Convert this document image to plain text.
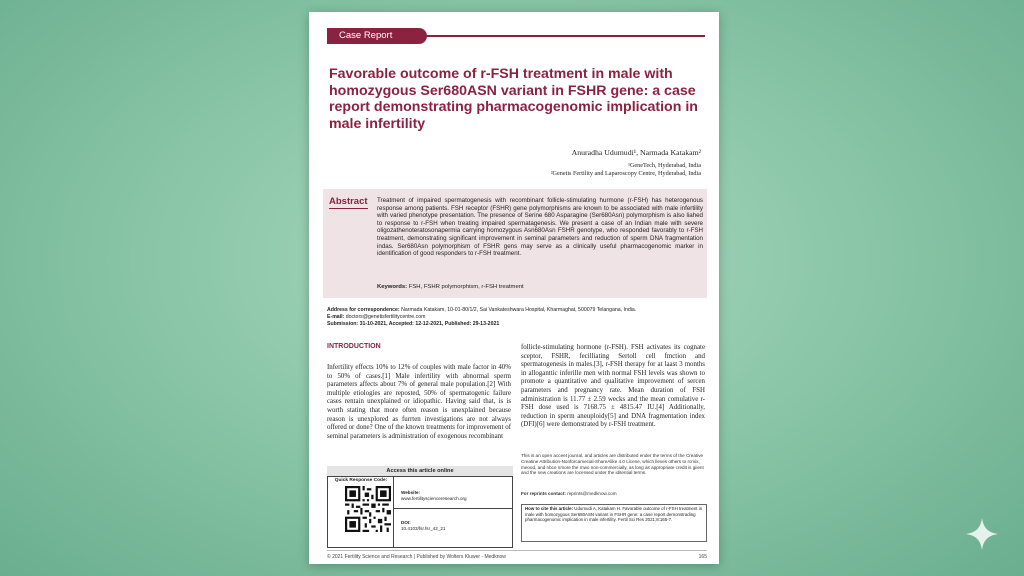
Case Report
Favorable outcome of r-FSH treatment in male with homozygous Ser680ASN variant in FSHR gene: a case report demonstrating pharmacogenomic implication in male infertility
Anuradha Udumudi¹, Narmada Katakam²
¹GeneTech, Hyderabad, India
²Genetis Fertility and Laparoscopy Centre, Hyderabad, India
Abstract Treatment of impaired spermatogenesis with recombinant follicle-stimulating hurmone (r-FSH) has heterogenous response among patients. FSH receptor (FSHR) gene polymorphisms are known to be associated with male infertility with varied phenotype presentation. The presence of Serine 680 Asparagine (Ser680Asn) polymorphism is also liahed to response to r-FSH when treating impaired spermatagenesis. We present a case of an Indian male with severe oligozathenoteratosonapermia carrying homozygous Asn680Asn FSHR genotype, who responded favorably to r-FSH treatment, demonstrating significant improvement in seminal parameters and reduction of sperm DNA fragmentation indas. Ser680Asn polymorphism of FSHR gens may serve as a clinically useful pharmacogenomic marker in identification of good responders to r-FSH treatment.
Keywords: FSH, FSHR polymorphism, r-FSH treatment
Address for correspondence: Narmada Katakam, 10-01-80/1/2, Sai Vankateshwara Hospital, Kharmaghat, 500079 Telangana, India.
E-mail: doctors@genetisfertilitycentre.com
Submission: 31-10-2021, Accepted: 12-12-2021, Published: 29-13-2021
INTRODUCTION
Infertility effects 10% to 12% of couples with male factor in 40% to 50% of cases.[1] Male infertility with abnormal sperm parameters affects about 7% of general male population.[2] With multiple etiologies are reposted, 50% of spermatogenic failure cases rentain unexplained or idiopathic. Having said that, is is worth stating that more often reason is unexplained because reason is unexplored as furrten investigations are not always offered or done? One of the known treatments for improvement of seminal parameters is administration of exogenous recombinant
follicle-stimulating hormone (r-FSH). FSH activates its cognate sceptor, FSHR, fecilliating Sertoll cell fmction and spermatogenesis in males.[3], r-FSH therapy for at laast 3 months in alloganttic inferille men with normal FSH levels was shown to promote a quantitative and qualitative improvement of sercen parameters and pregnancy rate. Mean duration of FSH administration is 11.77 ± 2.59 wecks and the mean comulative r-FSH dose used is 7168.75 ± 4815.47 IU.[4] Additionally, reduction in sperm aneuploidy[5] and DNA fragmentation index (DFI)[6] were demonstrated by r-FSH treatment.
This is an open acceet jounral, and articles are distributed ender the terms of the Creative Creatine Attribution-Nonforcamecial-ShareAlike 4.0 Licene, which lleves others to rcmix, meood, and nbce nmore the mwo non-commercially, as long as appropriate credit is giient and the new creations are locensed under the iditential terms.
For reprints contact: reprints@medknow.com
Access this article online
Quick Response Code:
Website:
www.fertilityscienceresearch.org
DOI:
10.4103/fsr.fsr_42_21
How to cite this article: Udumudi A, Katakam H. Favorable outcome of r-FSH treatment in male with homozygous Ser680ASN variant in FSHR gene: a case report demonstrading pharmacogenomic implication in male infertility. Fertil Sci Res 2021;8:165-7.
© 2021 Fertility Science and Research | Published by Wolters Kluwer - Medknow	165
